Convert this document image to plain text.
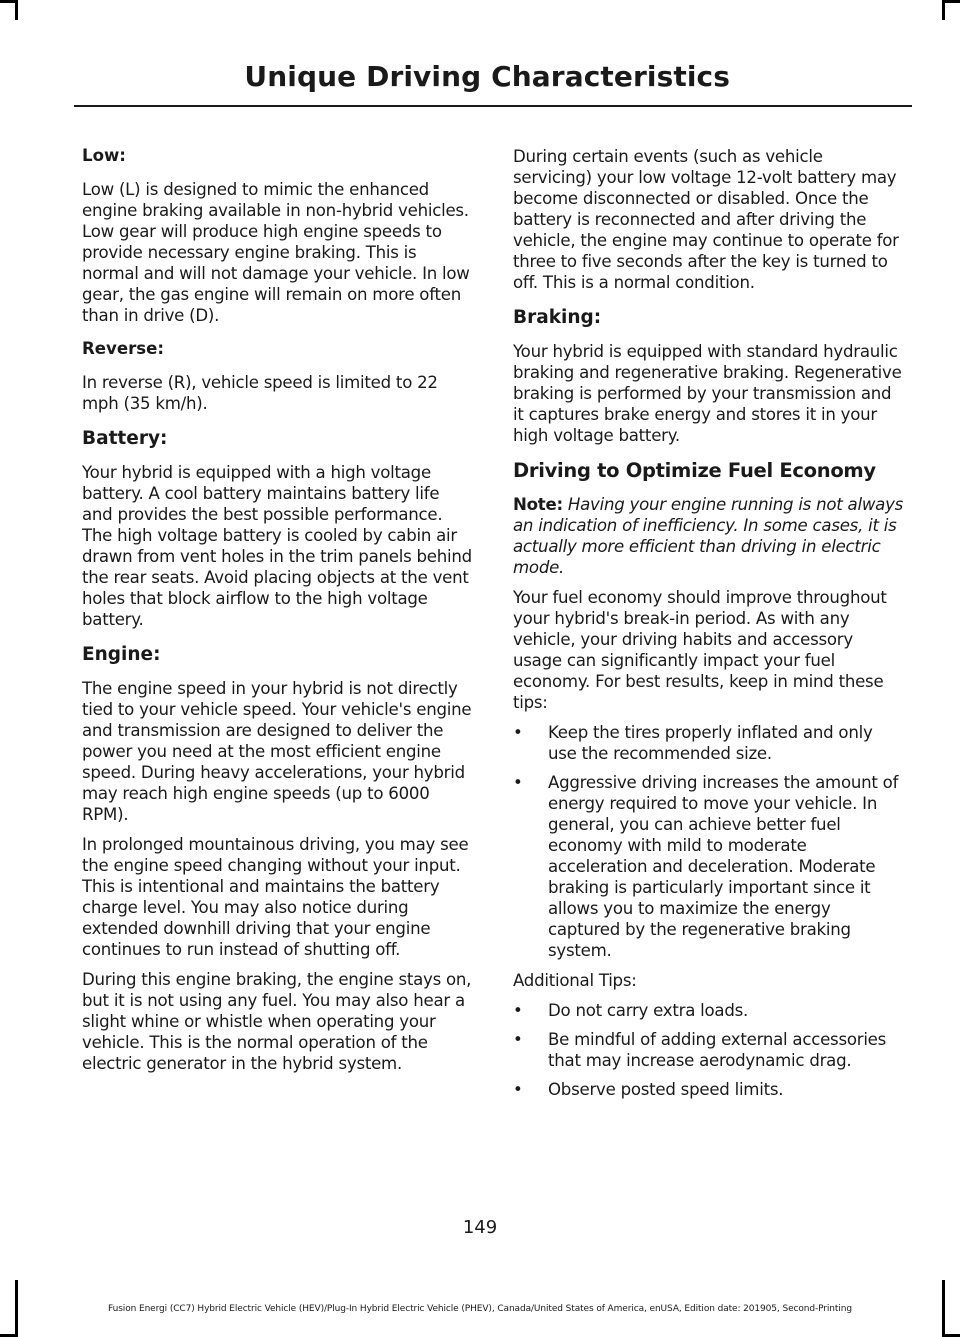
Unique Driving Characteristics
Low:

Low (L) is designed to mimic the enhanced engine braking available in non-hybrid vehicles. Low gear will produce high engine speeds to provide necessary engine braking. This is normal and will not damage your vehicle. In low gear, the gas engine will remain on more often than in drive (D).

Reverse:

In reverse (R), vehicle speed is limited to 22 mph (35 km/h).

Battery:

Your hybrid is equipped with a high voltage battery. A cool battery maintains battery life and provides the best possible performance. The high voltage battery is cooled by cabin air drawn from vent holes in the trim panels behind the rear seats. Avoid placing objects at the vent holes that block airflow to the high voltage battery.

Engine:

The engine speed in your hybrid is not directly tied to your vehicle speed. Your vehicle's engine and transmission are designed to deliver the power you need at the most efficient engine speed. During heavy accelerations, your hybrid may reach high engine speeds (up to 6000 RPM).

In prolonged mountainous driving, you may see the engine speed changing without your input. This is intentional and maintains the battery charge level. You may also notice during extended downhill driving that your engine continues to run instead of shutting off.

During this engine braking, the engine stays on, but it is not using any fuel. You may also hear a slight whine or whistle when operating your vehicle. This is the normal operation of the electric generator in the hybrid system.

During certain events (such as vehicle servicing) your low voltage 12-volt battery may become disconnected or disabled. Once the battery is reconnected and after driving the vehicle, the engine may continue to operate for three to five seconds after the key is turned to off. This is a normal condition.

Braking:

Your hybrid is equipped with standard hydraulic braking and regenerative braking. Regenerative braking is performed by your transmission and it captures brake energy and stores it in your high voltage battery.

Driving to Optimize Fuel Economy

Note: Having your engine running is not always an indication of inefficiency. In some cases, it is actually more efficient than driving in electric mode.

Your fuel economy should improve throughout your hybrid's break-in period. As with any vehicle, your driving habits and accessory usage can significantly impact your fuel economy. For best results, keep in mind these tips:

• Keep the tires properly inflated and only use the recommended size.
• Aggressive driving increases the amount of energy required to move your vehicle. In general, you can achieve better fuel economy with mild to moderate acceleration and deceleration. Moderate braking is particularly important since it allows you to maximize the energy captured by the regenerative braking system.

Additional Tips:

• Do not carry extra loads.
• Be mindful of adding external accessories that may increase aerodynamic drag.
• Observe posted speed limits.
149
Fusion Energi (CC7) Hybrid Electric Vehicle (HEV)/Plug-In Hybrid Electric Vehicle (PHEV), Canada/United States of America, enUSA, Edition date: 201905, Second-Printing
